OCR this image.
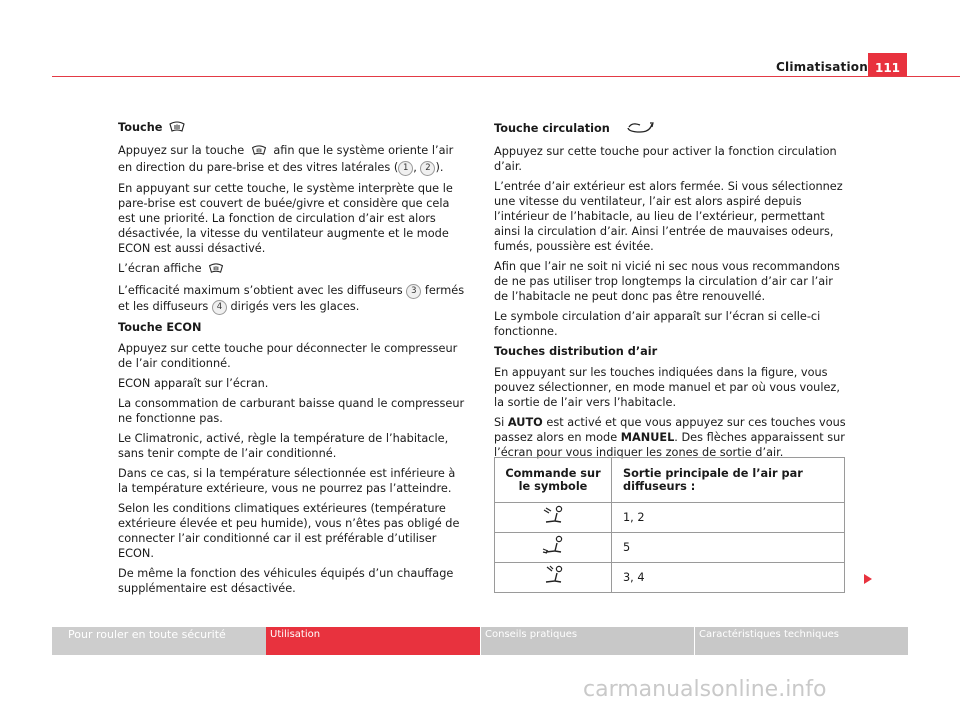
Climatisation 111
Touche

Appuyez sur la touche	afin que le système oriente l’air en direction du pare-brise et des vitres latérales ( 1 , 2 ).

En appuyant sur cette touche, le système interprète que le pare-brise est couvert de buée/givre et considère que cela est une priorité. La fonction de circulation d’air est alors désactivée, la vitesse du ventilateur augmente et le mode ECON est aussi désactivé.

L’écran affiche

L’efficacité maximum s’obtient avec les diffuseurs 3 fermés et les diffuseurs 4 dirigés vers les glaces.

Touche ECON

Appuyez sur cette touche pour déconnecter le compresseur de l’air conditionné.

ECON apparaît sur l’écran.

La consommation de carburant baisse quand le compresseur ne fonctionne pas.

Le Climatronic, activé, règle la température de l’habitacle, sans tenir compte de l’air conditionné.

Dans ce cas, si la température sélectionnée est inférieure à la température extérieure, vous ne pourrez pas l’atteindre.

Selon les conditions climatiques extérieures (température extérieure élevée et peu humide), vous n’êtes pas obligé de connecter l’air conditionné car il est préférable d’utiliser ECON.

De même la fonction des véhicules équipés d’un chauffage supplémentaire est désactivée.

Touche circulation

Appuyez sur cette touche pour activer la fonction circulation d’air.

L’entrée d’air extérieur est alors fermée. Si vous sélectionnez une vitesse du ventilateur, l’air est alors aspiré depuis l’intérieur de l’habitacle, au lieu de l’extérieur, permettant ainsi la circulation d’air. Ainsi l’entrée de mauvaises odeurs, fumés, poussière est évitée.

Afin que l’air ne soit ni vicié ni sec nous vous recommandons de ne pas utiliser trop longtemps la circulation d’air car l’air de l’habitacle ne peut donc pas être renouvellé.

Le symbole circulation d’air apparaît sur l’écran si celle-ci fonctionne.

Touches distribution d’air

En appuyant sur les touches indiquées dans la figure, vous pouvez sélectionner, en mode manuel et par où vous voulez, la sortie de l’air vers l’habitacle.

Si AUTO est activé et que vous appuyez sur ces touches vous passez alors en mode MANUEL. Des flèches apparaissent sur l’écran pour vous indiquer les zones de sortie d’air.

Commande sur le symbole	Sortie principale de l’air par diffuseurs :
	1, 2
	5
	3, 4
Pour rouler en toute sécurité	Utilisation	Conseils pratiques	Caractéristiques techniques
carmanualsonline.info
